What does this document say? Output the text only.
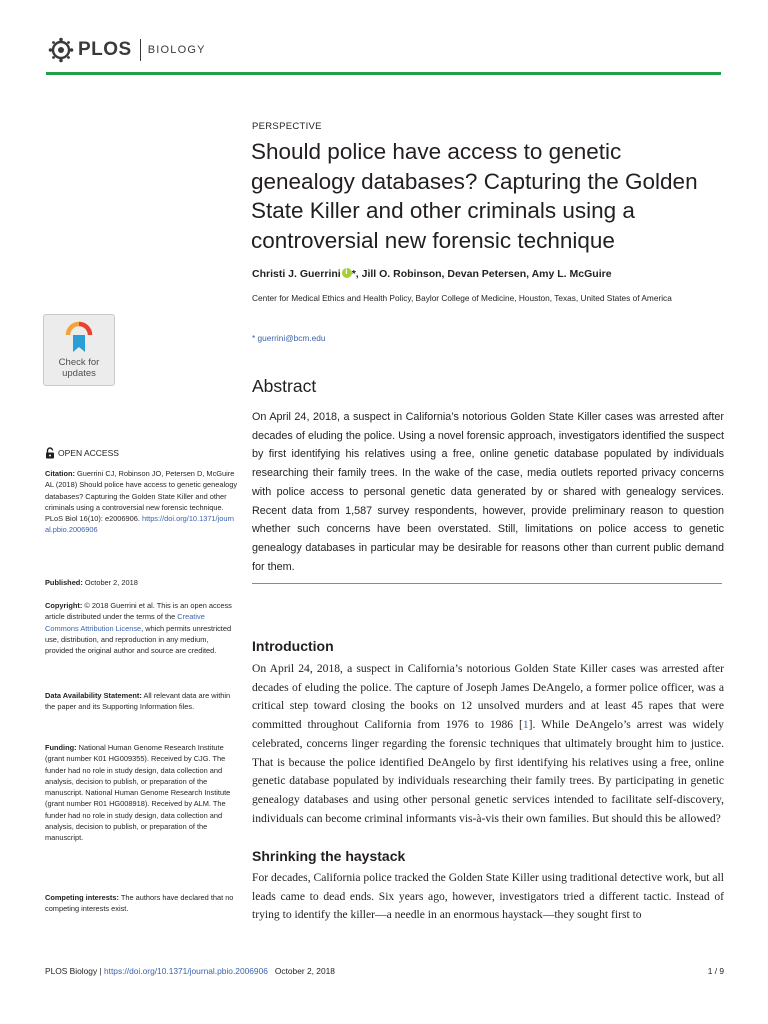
PLOS BIOLOGY
PERSPECTIVE
Should police have access to genetic genealogy databases? Capturing the Golden State Killer and other criminals using a controversial new forensic technique
Christi J. Guerrinii *, Jill O. Robinson, Devan Petersen, Amy L. McGuire
Center for Medical Ethics and Health Policy, Baylor College of Medicine, Houston, Texas, United States of America
* guerrini@bcm.edu
Check for
updates
OPEN ACCESS
Citation: Guerrini CJ, Robinson JO, Petersen D, McGuire AL (2018) Should police have access to genetic genealogy databases? Capturing the Golden State Killer and other criminals using a controversial new forensic technique. PLoS Biol 16(10): e2006906. https://doi.org/10.1371/journal.pbio.2006906
Published: October 2, 2018
Copyright: © 2018 Guerrini et al. This is an open access article distributed under the terms of the Creative Commons Attribution License, which permits unrestricted use, distribution, and reproduction in any medium, provided the original author and source are credited.
Data Availability Statement: All relevant data are within the paper and its Supporting Information files.
Funding: National Human Genome Research Institute (grant number K01 HG009355). Received by CJG. The funder had no role in study design, data collection and analysis, decision to publish, or preparation of the manuscript. National Human Genome Research Institute (grant number R01 HG008918). Received by ALM. The funder had no role in study design, data collection and analysis, decision to publish, or preparation of the manuscript.
Competing interests: The authors have declared that no competing interests exist.
Abstract
On April 24, 2018, a suspect in California’s notorious Golden State Killer cases was arrested after decades of eluding the police. Using a novel forensic approach, investigators identified the suspect by first identifying his relatives using a free, online genetic database populated by individuals researching their family trees. In the wake of the case, media outlets reported privacy concerns with police access to personal genetic data generated by or shared with genealogy services. Recent data from 1,587 survey respondents, however, provide preliminary reason to question whether such concerns have been overstated. Still, limitations on police access to genetic genealogy databases in particular may be desirable for reasons other than current public demand for them.
Introduction
On April 24, 2018, a suspect in California’s notorious Golden State Killer cases was arrested after decades of eluding the police. The capture of Joseph James DeAngelo, a former police officer, was a critical step toward closing the books on 12 unsolved murders and at least 45 rapes that were committed throughout California from 1976 to 1986 [1]. While DeAngelo’s arrest was widely celebrated, concerns linger regarding the forensic techniques that ultimately brought him to justice. That is because the police identified DeAngelo by first identifying his relatives using a free, online genetic database populated by individuals researching their family trees. By participating in genetic genealogy databases and using other personal genetic services intended to facilitate self-discovery, individuals can become criminal informants vis-à-vis their own families. But should this be allowed?
Shrinking the haystack
For decades, California police tracked the Golden State Killer using traditional detective work, but all leads came to dead ends. Six years ago, however, investigators tried a different tactic. Instead of trying to identify the killer—a needle in an enormous haystack—they sought first to
PLOS Biology | https://doi.org/10.1371/journal.pbio.2006906 October 2, 2018	1 / 9
